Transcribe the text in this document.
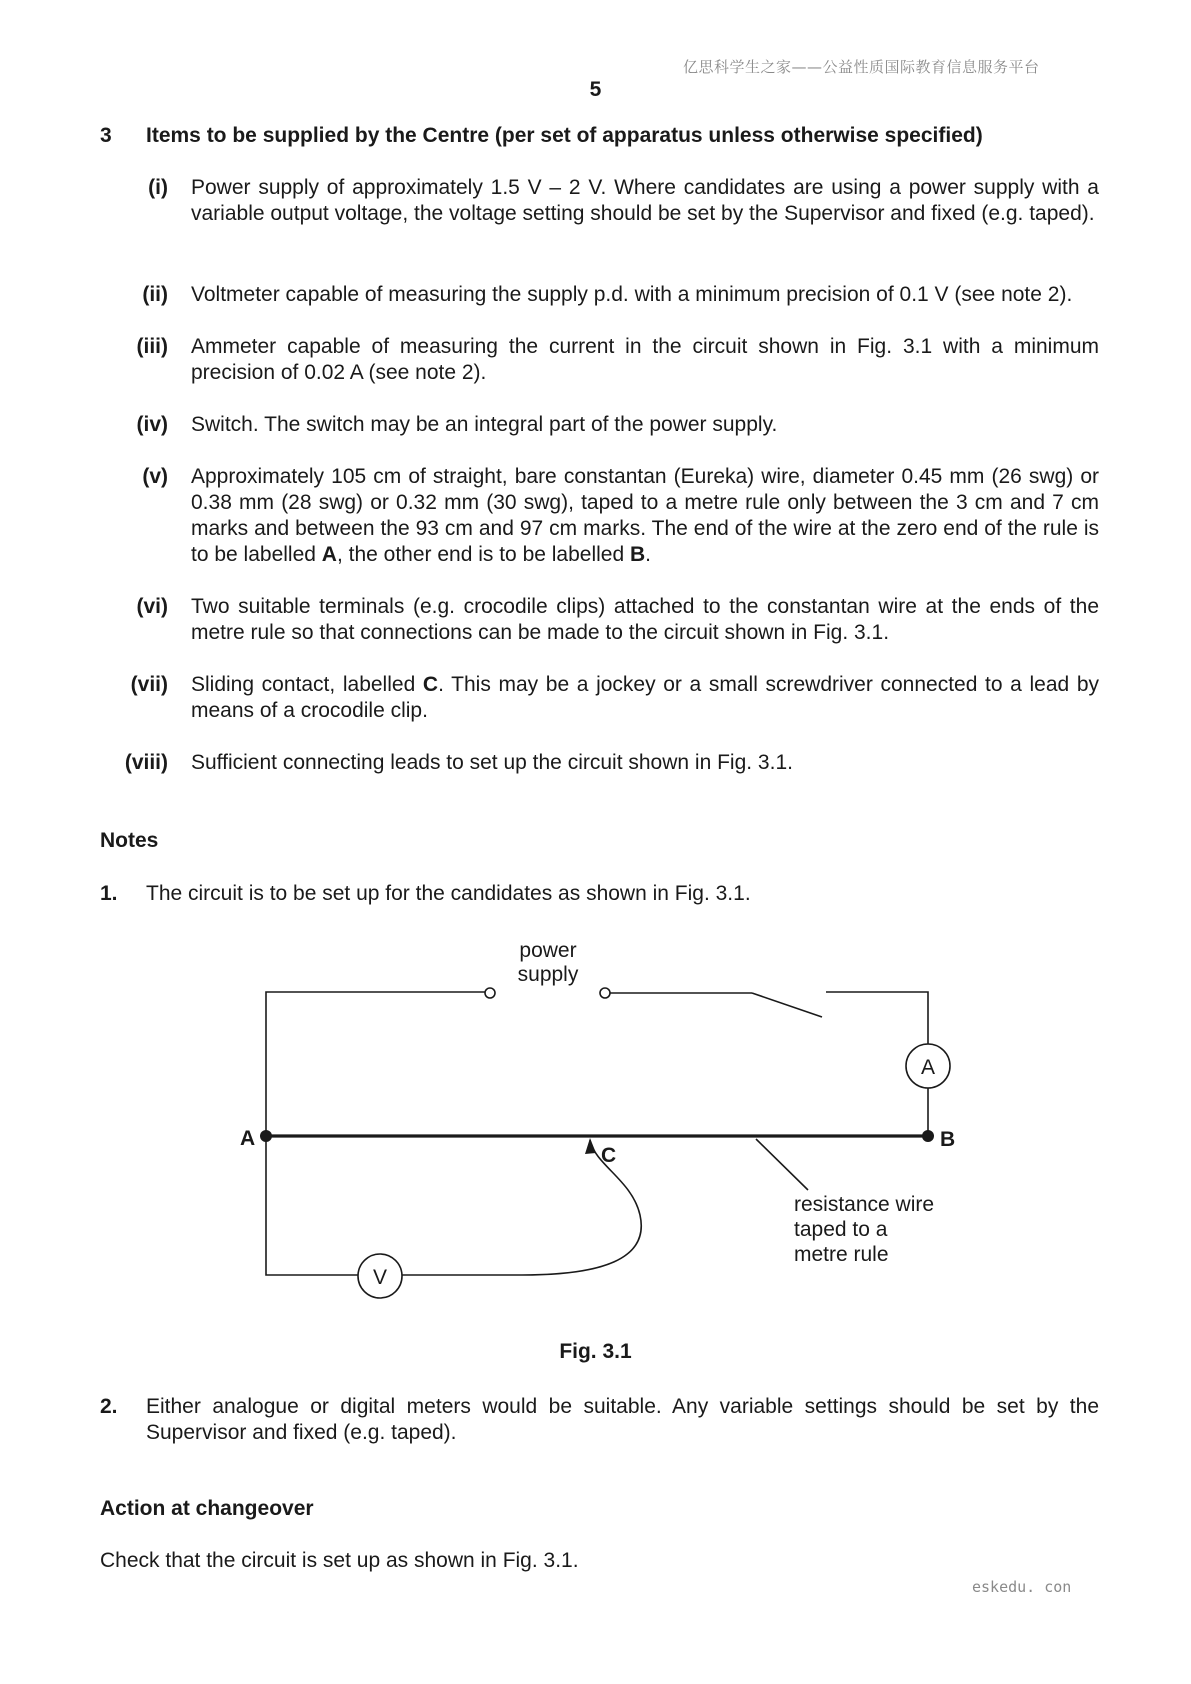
亿思科学生之家——公益性质国际教育信息服务平台
5
3 Items to be supplied by the Centre (per set of apparatus unless otherwise specified)
(i) Power supply of approximately 1.5 V – 2 V. Where candidates are using a power supply with a variable output voltage, the voltage setting should be set by the Supervisor and fixed (e.g. taped).
(ii) Voltmeter capable of measuring the supply p.d. with a minimum precision of 0.1 V (see note 2).
(iii) Ammeter capable of measuring the current in the circuit shown in Fig. 3.1 with a minimum precision of 0.02 A (see note 2).
(iv) Switch. The switch may be an integral part of the power supply.
(v) Approximately 105 cm of straight, bare constantan (Eureka) wire, diameter 0.45 mm (26 swg) or 0.38 mm (28 swg) or 0.32 mm (30 swg), taped to a metre rule only between the 3 cm and 7 cm marks and between the 93 cm and 97 cm marks. The end of the wire at the zero end of the rule is to be labelled A, the other end is to be labelled B.
(vi) Two suitable terminals (e.g. crocodile clips) attached to the constantan wire at the ends of the metre rule so that connections can be made to the circuit shown in Fig. 3.1.
(vii) Sliding contact, labelled C. This may be a jockey or a small screwdriver connected to a lead by means of a crocodile clip.
(viii) Sufficient connecting leads to set up the circuit shown in Fig. 3.1.
Notes
1. The circuit is to be set up for the candidates as shown in Fig. 3.1.
power
supply
A
V
A	B
C
resistance wire
taped to a
metre rule
Fig. 3.1
2. Either analogue or digital meters would be suitable. Any variable settings should be set by the Supervisor and fixed (e.g. taped).
Action at changeover
Check that the circuit is set up as shown in Fig. 3.1.
eskedu. con
